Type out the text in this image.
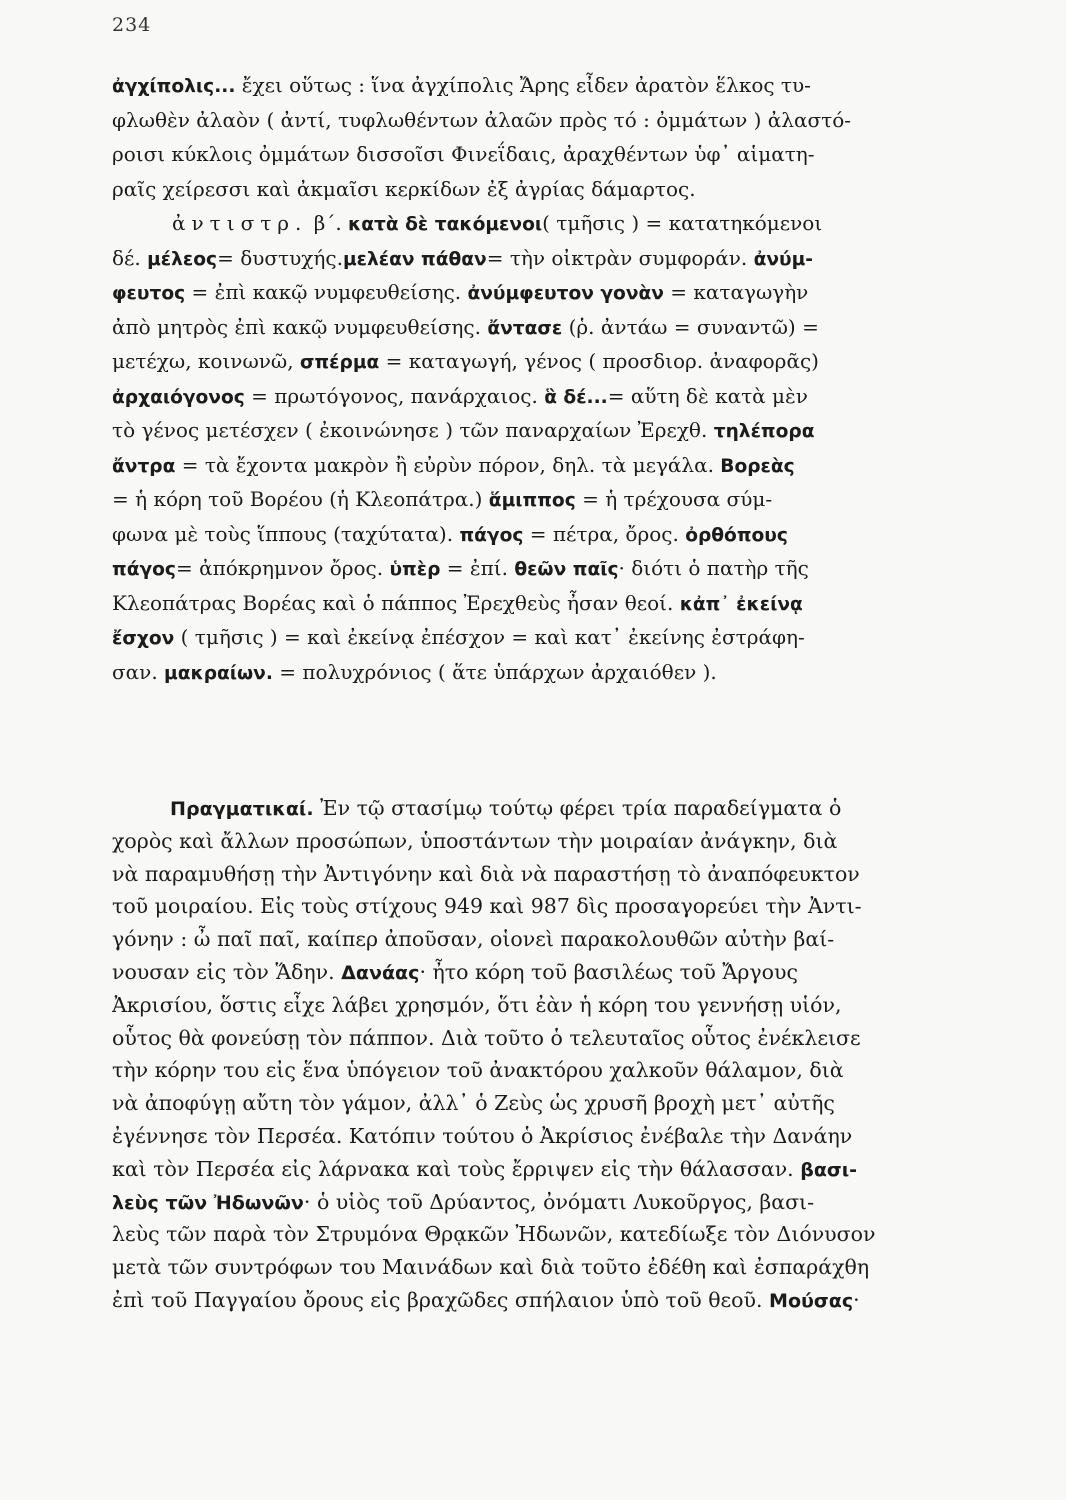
234
ἀγχίπολις... ἔχει οὕτως : ἵνα ἀγχίπολις Ἄρης εἶδεν ἀρατὸν ἕλκος τυ-
φλωθὲν ἀλαὸν ( ἀντί, τυφλωθέντων ἀλαῶν πρὸς τό : ὀμμάτων ) ἀλαστό-
ροισι κύκλοις ὀμμάτων δισσοῖσι Φινεΐδαις, ἀραχθέντων ὑφ᾽ αἱματη-
ραῖς χείρεσσι καὶ ἀκμαῖσι κερκίδων ἐξ ἀγρίας δάμαρτος.
ἀντιστρ. β΄. κατὰ δὲ τακόμενοι( τμῆσις ) = κατατηκόμενοι
δέ. μέλεος= δυστυχής.μελέαν πάθαν= τὴν οἰκτρὰν συμφοράν. ἀνύμ-
φευτος = ἐπὶ κακῷ νυμφευθείσης. ἀνύμφευτον γονὰν = καταγωγὴν
ἀπὸ μητρὸς ἐπὶ κακῷ νυμφευθείσης. ἄντασε (ῥ. ἀντάω = συναντῶ) =
μετέχω, κοινωνῶ, σπέρμα = καταγωγή, γένος ( προσδιορ. ἀναφορᾶς)
ἀρχαιόγονος = πρωτόγονος, πανάρχαιος. ἃ δέ...= αὕτη δὲ κατὰ μὲν
τὸ γένος μετέσχεν ( ἐκοινώνησε ) τῶν παναρχαίων Ἐρεχθ. τηλέπορα
ἄντρα = τὰ ἔχοντα μακρὸν ἢ εὐρὺν πόρον, δηλ. τὰ μεγάλα. Βορεὰς
= ἡ κόρη τοῦ Βορέου (ἡ Κλεοπάτρα.) ἅμιππος = ἡ τρέχουσα σύμ-
φωνα μὲ τοὺς ἵππους (ταχύτατα). πάγος = πέτρα, ὄρος. ὀρθόπους
πάγος= ἀπόκρημνον ὄρος. ὑπὲρ = ἐπί. θεῶν παῖς· διότι ὁ πατὴρ τῆς
Κλεοπάτρας Βορέας καὶ ὁ πάππος Ἐρεχθεὺς ἦσαν θεοί. κἀπ᾽ ἐκείνᾳ
ἔσχον ( τμῆσις ) = καὶ ἐκείνᾳ ἐπέσχον = καὶ κατ᾽ ἐκείνης ἐστράφη-
σαν. μακραίων. = πολυχρόνιος ( ἅτε ὑπάρχων ἀρχαιόθεν ).
Πραγματικαί. Ἐν τῷ στασίμῳ τούτῳ φέρει τρία παραδείγματα ὁ
χορὸς καὶ ἄλλων προσώπων, ὑποστάντων τὴν μοιραίαν ἀνάγκην, διὰ
νὰ παραμυθήσῃ τὴν Ἀντιγόνην καὶ διὰ νὰ παραστήσῃ τὸ ἀναπόφευκτον
τοῦ μοιραίου. Εἰς τοὺς στίχους 949 καὶ 987 δὶς προσαγορεύει τὴν Ἀντι-
γόνην : ὦ παῖ παῖ, καίπερ ἀποῦσαν, οἱονεὶ παρακολουθῶν αὐτὴν βαί-
νουσαν εἰς τὸν Ἅδην. Δανάας· ἦτο κόρη τοῦ βασιλέως τοῦ Ἄργους
Ἀκρισίου, ὅστις εἶχε λάβει χρησμόν, ὅτι ἐὰν ἡ κόρη του γεννήσῃ υἱόν,
οὗτος θὰ φονεύσῃ τὸν πάππον. Διὰ τοῦτο ὁ τελευταῖος οὗτος ἐνέκλεισε
τὴν κόρην του εἰς ἕνα ὑπόγειον τοῦ ἀνακτόρου χαλκοῦν θάλαμον, διὰ
νὰ ἀποφύγῃ αὔτη τὸν γάμον, ἀλλ᾽ ὁ Ζεὺς ὡς χρυσῆ βροχὴ μετ᾽ αὐτῆς
ἐγέννησε τὸν Περσέα. Κατόπιν τούτου ὁ Ἀκρίσιος ἐνέβαλε τὴν Δανάην
καὶ τὸν Περσέα εἰς λάρνακα καὶ τοὺς ἔρριψεν εἰς τὴν θάλασσαν. βασι-
λεὺς τῶν Ἠδωνῶν· ὁ υἱὸς τοῦ Δρύαντος, ὀνόματι Λυκοῦργος, βασι-
λεὺς τῶν παρὰ τὸν Στρυμόνα Θρᾳκῶν Ἠδωνῶν, κατεδίωξε τὸν Διόνυσον
μετὰ τῶν συντρόφων του Μαινάδων καὶ διὰ τοῦτο ἐδέθη καὶ ἐσπαράχθη
ἐπὶ τοῦ Παγγαίου ὄρους εἰς βραχῶδες σπήλαιον ὑπὸ τοῦ θεοῦ. Μούσας·
